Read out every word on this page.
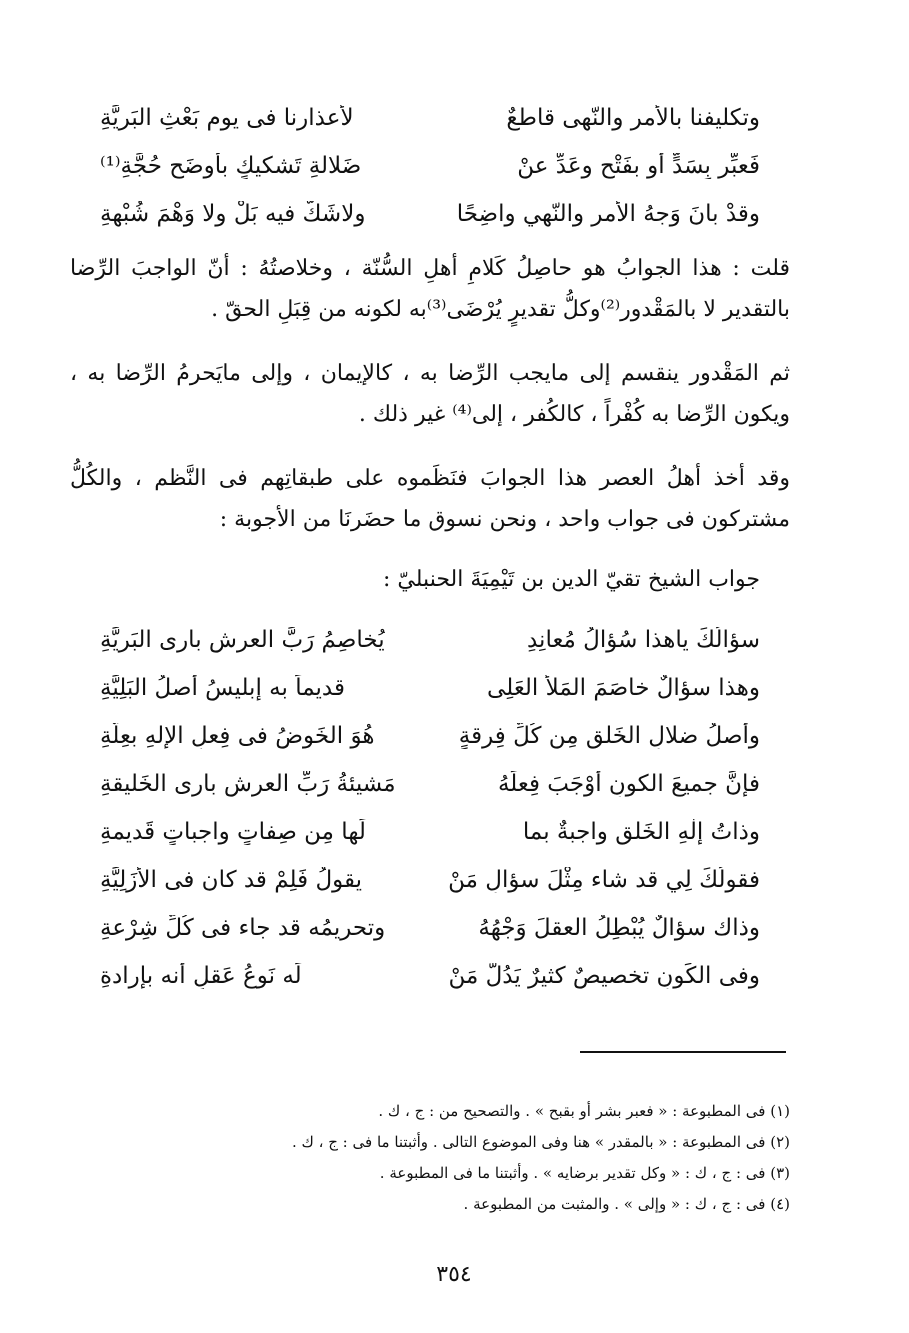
وتكليفنا بالأمرِ والنّهى قاطعٌ
لأعذارِنا فى يومِ بَعْثِ البَرِيَّةِ
فَعبِّر بِسَدٍّ أو بفَتْحٍ وعَدِّ عنْ
ضَلالةِ تَشكيكٍ بأوضَحِ حُجَّةِ⁽¹⁾
وقدْ بانَ وَجهُ الأمرِ والنّهيِ واضِحًا
ولاشَكَّ فيه بَلْ ولا وَهْمَ شُبْهةِ
قلت : هذا الجوابُ هو حاصِلُ كَلامِ أهلِ السُّنّة ، وخلاصتُهُ : أنّ الواجبَ الرِّضا بالتقدير لا بالمَقْدور⁽²⁾وكلُّ تقديرٍ يُرْضَى⁽³⁾به لكونه من قِبَلِ الحقّ .
ثم المَقْدور ينقسم إلى مايجب الرِّضا به ، كالإيمان ، وإلى مايَحرمُ الرِّضا به ، ويكون الرِّضا به كُفْراً ، كالكُفر ، إلى⁽⁴⁾ غير ذلك .
وقد أخذ أهلُ العصر هذا الجوابَ فنَظَموه على طبقاتِهم فى النَّظم ، والكُلُّ مشتركون فى جواب واحد ، ونحن نسوق ما حضَرنَا من الأجوبة :
جواب الشيخ تقيّ الدين بن تَيْمِيَةَ الحنبليّ :
سؤالُكَ ياهذا سُؤالُ مُعانِدِ
يُخاصِمُ رَبَّ العرشِ بارِى البَرِيَّةِ
وهذا سؤالٌ خاصَمَ المَلأَ العَلِى
قديماً به إبليسُ أصلُ البَلِيَّةِ
وأصلُ ضلالِ الخَلقِ مِن كُلِّ فِرقةٍ
هُوَ الخَوضُ فى فِعلِ الإِلهِ بعِلَّةِ
فإنَّ جميعَ الكونِ أوْجَبَ فِعلَهُ
مَشيئةُ رَبِّ العرشِ بارِى الخَليقةِ
وذاتُ إلٰهِ الخَلقِ واجبةٌ بما
لَها مِن صِفاتٍ واجباتٍ قَديمةِ
فقولُكَ لِي قد شاء مِثْلَ سؤالِ مَنْ
يقولُ فَلِمْ قد كان فى الأزَلِيَّةِ
وذاك سؤالٌ يُبْطِلُ العقلَ وَجْهُهُ
وتحريمُه قد جاء فى كُلِّ شِرْعةِ
وفى الكَونِ تخصيصٌ كثيرٌ يَدُلُّ مَنْ
لَه نَوعُ عَقلٍ أنه بإرادةِ
(١) فى المطبوعة : « فعبر بشر أو بقبح » . والتصحيح من : ج ، ك .
(٢) فى المطبوعة : « بالمقدر » هنا وفى الموضوع التالى . وأثبتنا ما فى : ج ، ك .
(٣) فى : ج ، ك : « وكل تقدير برضايه » . وأثبتنا ما فى المطبوعة .
(٤) فى : ج ، ك : « وإلى » . والمثبت من المطبوعة .
٣٥٤
